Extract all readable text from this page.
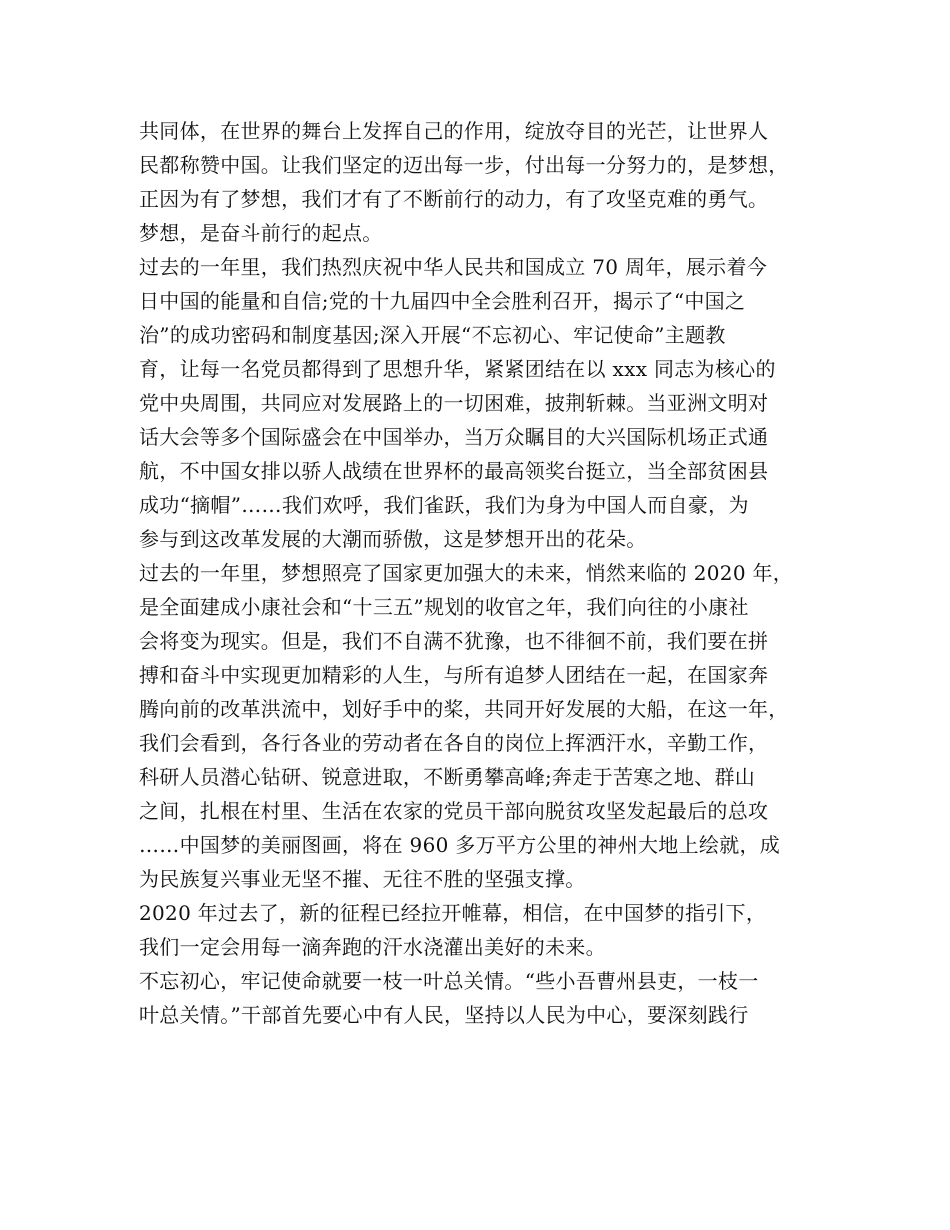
共同体，在世界的舞台上发挥自己的作用，绽放夺目的光芒，让世界人
民都称赞中国。让我们坚定的迈出每一步，付出每一分努力的，是梦想，
正因为有了梦想，我们才有了不断前行的动力，有了攻坚克难的勇气。
梦想，是奋斗前行的起点。
过去的一年里，我们热烈庆祝中华人民共和国成立 70 周年，展示着今
日中国的能量和自信;党的十九届四中全会胜利召开，揭示了“中国之
治”的成功密码和制度基因;深入开展“不忘初心、牢记使命”主题教
育，让每一名党员都得到了思想升华，紧紧团结在以 xxx 同志为核心的
党中央周围，共同应对发展路上的一切困难，披荆斩棘。当亚洲文明对
话大会等多个国际盛会在中国举办，当万众瞩目的大兴国际机场正式通
航，不中国女排以骄人战绩在世界杯的最高领奖台挺立，当全部贫困县
成功“摘帽”……我们欢呼，我们雀跃，我们为身为中国人而自豪，为
参与到这改革发展的大潮而骄傲，这是梦想开出的花朵。
过去的一年里，梦想照亮了国家更加强大的未来，悄然来临的 2020 年，
是全面建成小康社会和“十三五”规划的收官之年，我们向往的小康社
会将变为现实。但是，我们不自满不犹豫，也不徘徊不前，我们要在拼
搏和奋斗中实现更加精彩的人生，与所有追梦人团结在一起，在国家奔
腾向前的改革洪流中，划好手中的桨，共同开好发展的大船，在这一年，
我们会看到，各行各业的劳动者在各自的岗位上挥洒汗水，辛勤工作，
科研人员潜心钻研、锐意进取，不断勇攀高峰;奔走于苦寒之地、群山
之间，扎根在村里、生活在农家的党员干部向脱贫攻坚发起最后的总攻
……中国梦的美丽图画，将在 960 多万平方公里的神州大地上绘就，成
为民族复兴事业无坚不摧、无往不胜的坚强支撑。
2020 年过去了，新的征程已经拉开帷幕，相信，在中国梦的指引下，
我们一定会用每一滴奔跑的汗水浇灌出美好的未来。
不忘初心，牢记使命就要一枝一叶总关情。“些小吾曹州县吏，一枝一
叶总关情。”干部首先要心中有人民，坚持以人民为中心，要深刻践行
